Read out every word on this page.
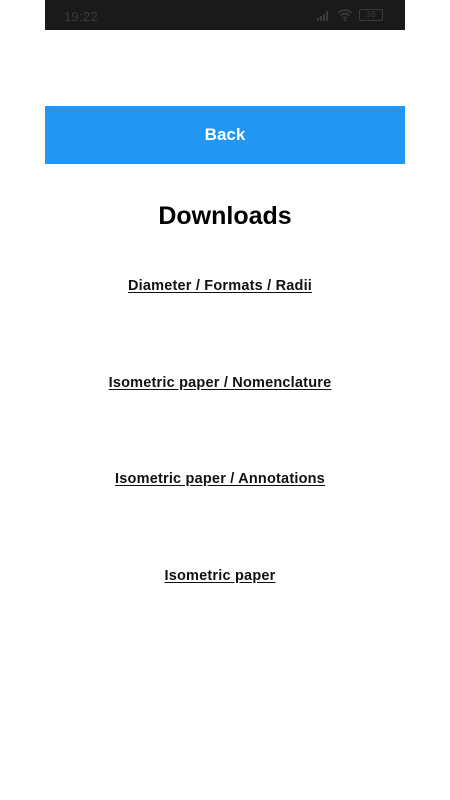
19:22	38
Back
Downloads
Diameter / Formats / Radii
Isometric paper / Nomenclature
Isometric paper / Annotations
Isometric paper
